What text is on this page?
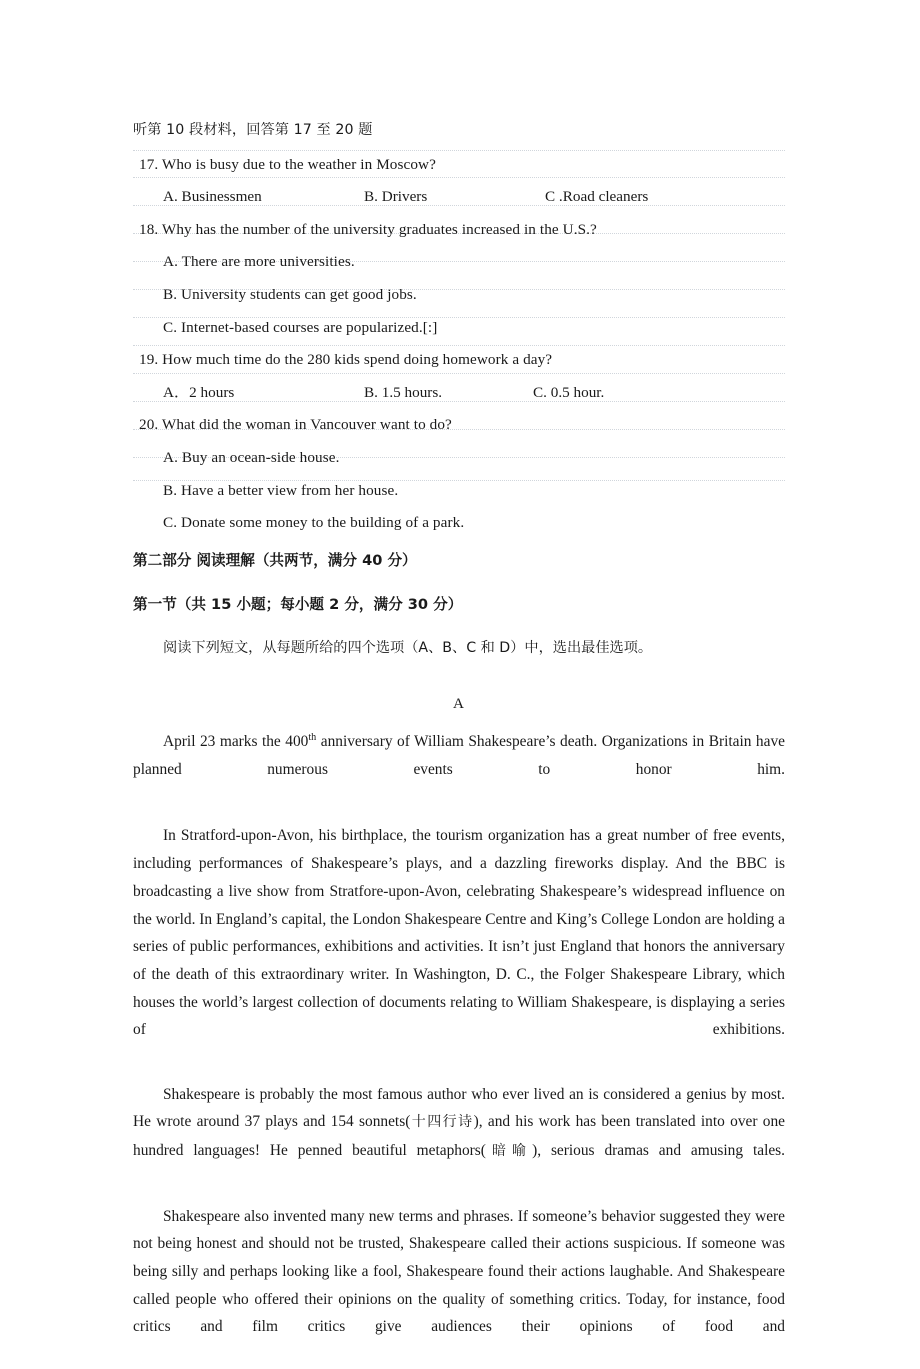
听第 10 段材料，回答第 17 至 20 题
17. Who is busy due to the weather in Moscow?
A. Businessmen	B. Drivers	C .Road cleaners
18. Why has the number of the university graduates increased in the U.S.?
A. There are more universities.
B. University students can get good jobs.
C. Internet-based courses are popularized.[:]
19. How much time do the 280 kids spend doing homework a day?
A．2 hours	B. 1.5 hours.	C. 0.5 hour.
20. What did the woman in Vancouver want to do?
A. Buy an ocean-side house.
B. Have a better view from her house.
C. Donate some money to the building of a park.
第二部分 阅读理解（共两节，满分 40 分）
第一节（共 15 小题；每小题 2 分，满分 30 分）
阅读下列短文，从每题所给的四个选项（A、B、C 和 D）中，选出最佳选项。
A
April 23 marks the 400th anniversary of William Shakespeare’s death. Organizations in Britain have planned numerous events to honor him.
In Stratford-upon-Avon, his birthplace, the tourism organization has a great number of free events, including performances of Shakespeare’s plays, and a dazzling fireworks display. And the BBC is broadcasting a live show from Stratfore-upon-Avon, celebrating Shakespeare’s widespread influence on the world. In England’s capital, the London Shakespeare Centre and King’s College London are holding a series of public performances, exhibitions and activities. It isn’t just England that honors the anniversary of the death of this extraordinary writer. In Washington, D. C., the Folger Shakespeare Library, which houses the world’s largest collection of documents relating to William Shakespeare, is displaying a series of exhibitions.
Shakespeare is probably the most famous author who ever lived an is considered a genius by most. He wrote around 37 plays and 154 sonnets(十四行诗), and his work has been translated into over one hundred languages! He penned beautiful metaphors(暗喻), serious dramas and amusing tales.
Shakespeare also invented many new terms and phrases. If someone’s behavior suggested they were not being honest and should not be trusted, Shakespeare called their actions suspicious. If someone was being silly and perhaps looking like a fool, Shakespeare found their actions laughable. And Shakespeare called people who offered their opinions on the quality of something critics. Today, for instance, food critics and film critics give audiences their opinions of food and
